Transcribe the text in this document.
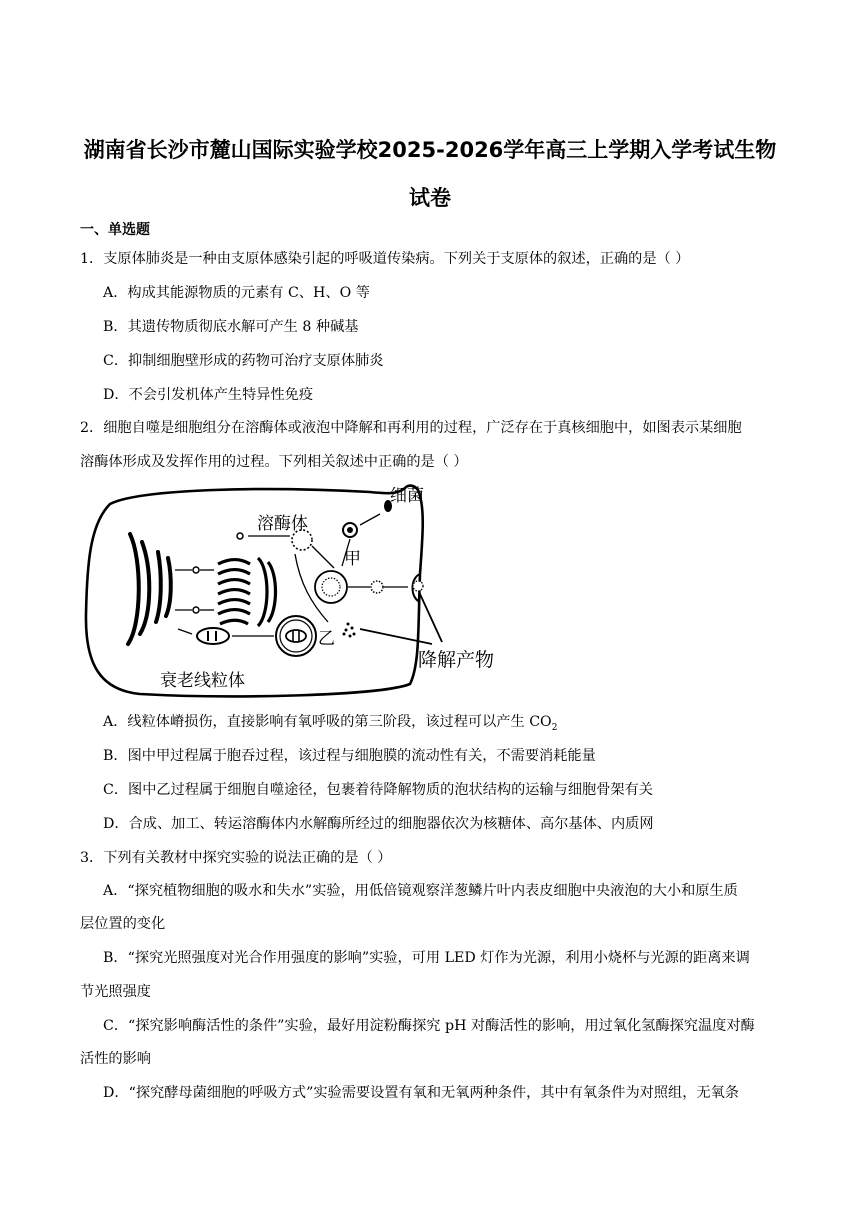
湖南省长沙市麓山国际实验学校2025-2026学年高三上学期入学考试生物
试卷
一、单选题
1．支原体肺炎是一种由支原体感染引起的呼吸道传染病。下列关于支原体的叙述，正确的是（ ）
A．构成其能源物质的元素有 C、H、O 等
B．其遗传物质彻底水解可产生 8 种碱基
C．抑制细胞壁形成的药物可治疗支原体肺炎
D．不会引发机体产生特异性免疫
2．细胞自噬是细胞组分在溶酶体或液泡中降解和再利用的过程，广泛存在于真核细胞中，如图表示某细胞
溶酶体形成及发挥作用的过程。下列相关叙述中正确的是（ ）
溶酶体
细菌
甲
乙
降解产物
衰老线粒体
A．线粒体嵴损伤，直接影响有氧呼吸的第三阶段，该过程可以产生 $CO_2$
B．图中甲过程属于胞吞过程，该过程与细胞膜的流动性有关，不需要消耗能量
C．图中乙过程属于细胞自噬途径，包裹着待降解物质的泡状结构的运输与细胞骨架有关
D．合成、加工、转运溶酶体内水解酶所经过的细胞器依次为核糖体、高尔基体、内质网
3．下列有关教材中探究实验的说法正确的是（ ）
A．“探究植物细胞的吸水和失水”实验，用低倍镜观察洋葱鳞片叶内表皮细胞中央液泡的大小和原生质
层位置的变化
B．“探究光照强度对光合作用强度的影响”实验，可用 LED 灯作为光源，利用小烧杯与光源的距离来调
节光照强度
C．“探究影响酶活性的条件”实验，最好用淀粉酶探究 pH 对酶活性的影响，用过氧化氢酶探究温度对酶
活性的影响
D．“探究酵母菌细胞的呼吸方式”实验需要设置有氧和无氧两种条件，其中有氧条件为对照组，无氧条
